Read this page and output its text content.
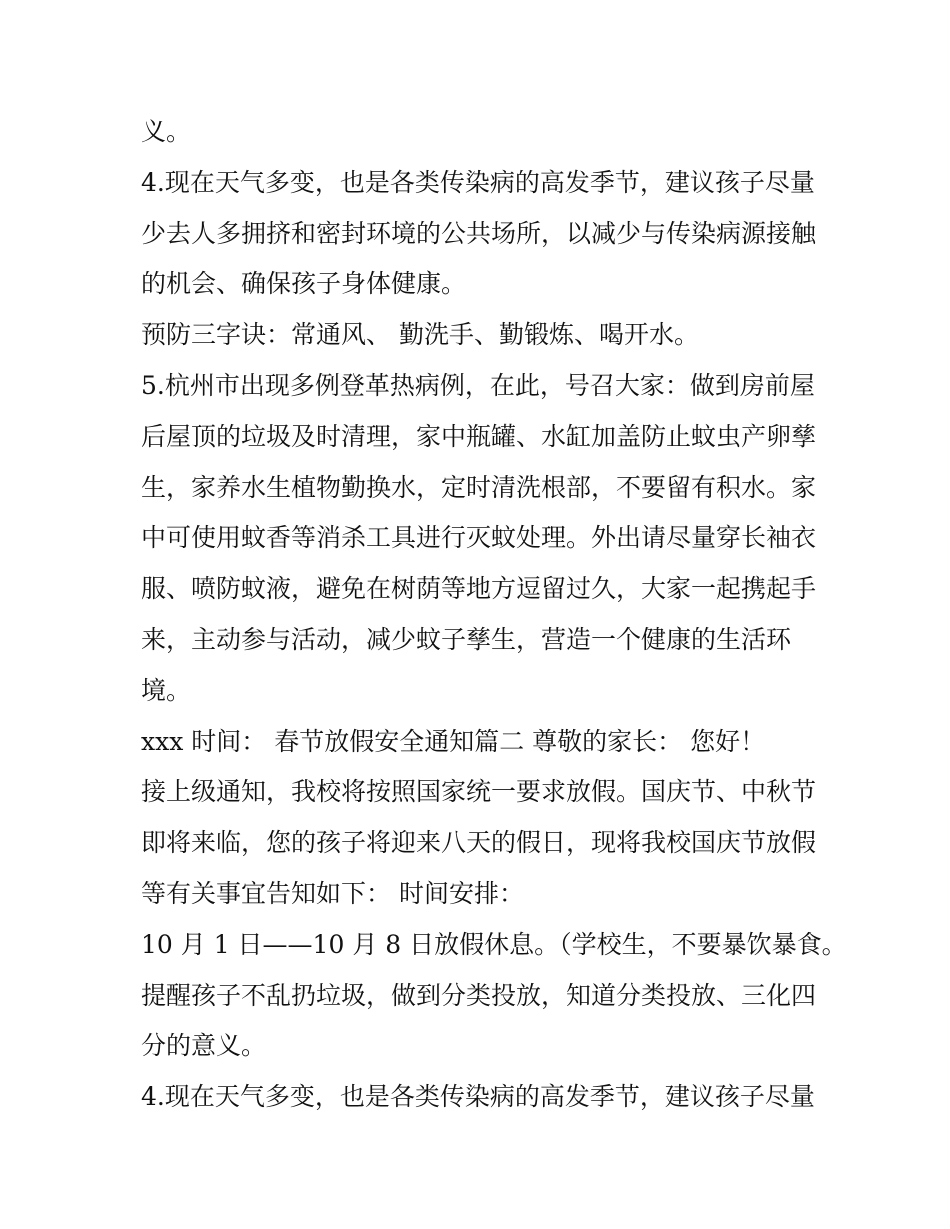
义。
4.现在天气多变，也是各类传染病的高发季节，建议孩子尽量
少去人多拥挤和密封环境的公共场所，以减少与传染病源接触
的机会、确保孩子身体健康。
预防三字诀：常通风、 勤洗手、勤锻炼、喝开水。
5.杭州市出现多例登革热病例，在此，号召大家：做到房前屋
后屋顶的垃圾及时清理，家中瓶罐、水缸加盖防止蚊虫产卵孳
生，家养水生植物勤换水，定时清洗根部，不要留有积水。家
中可使用蚊香等消杀工具进行灭蚊处理。外出请尽量穿长袖衣
服、喷防蚊液，避免在树荫等地方逗留过久，大家一起携起手
来，主动参与活动，减少蚊子孳生，营造一个健康的生活环
境。
xxx 时间： 春节放假安全通知篇二 尊敬的家长： 您好！
接上级通知，我校将按照国家统一要求放假。国庆节、中秋节
即将来临，您的孩子将迎来八天的假日，现将我校国庆节放假
等有关事宜告知如下： 时间安排：
10 月 1 日——10 月 8 日放假休息。（学校生，不要暴饮暴食。
提醒孩子不乱扔垃圾，做到分类投放，知道分类投放、三化四
分的意义。
4.现在天气多变，也是各类传染病的高发季节，建议孩子尽量
